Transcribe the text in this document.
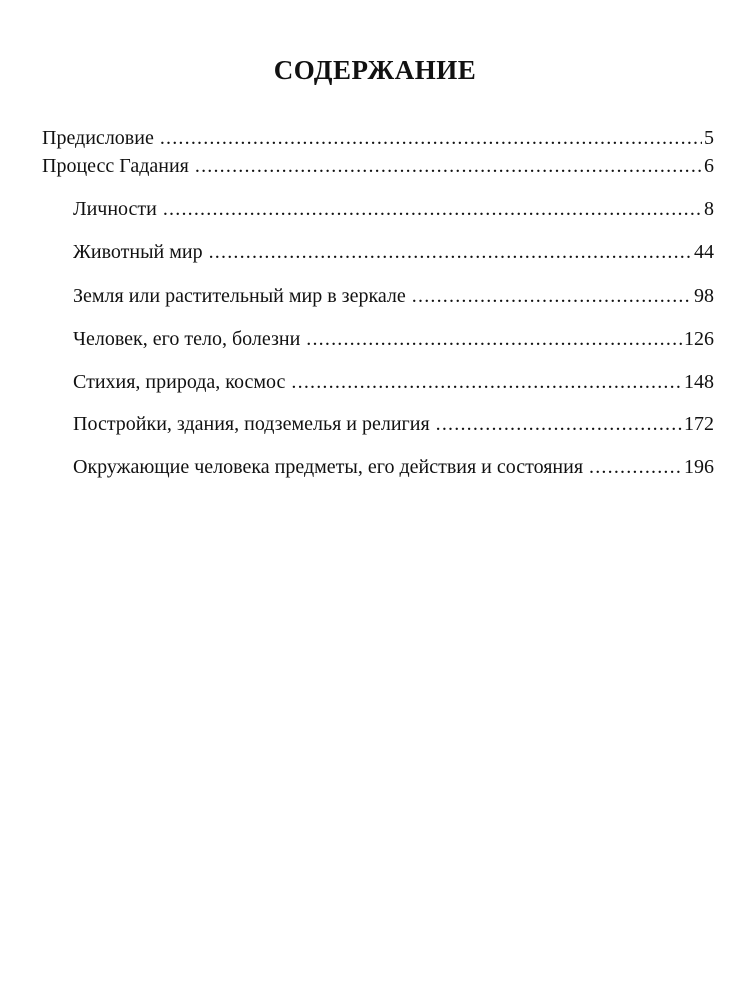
СОДЕРЖАНИЕ
Предисловие .....	5
Процесс Гадания .....	6
Личности .....	8
Животный мир .....	44
Земля или растительный мир в зеркале .....	98
Человек, его тело, болезни .....	126
Стихия, природа, космос .....	148
Постройки, здания, подземелья и религия .....	172
Окружающие человека предметы, его действия и состояния .....	196
